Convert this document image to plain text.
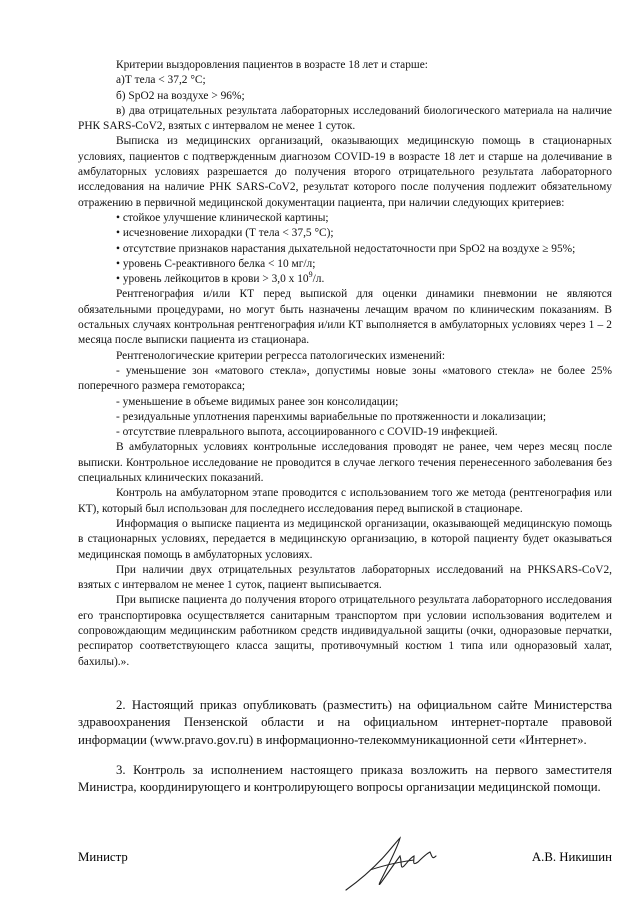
Критерии выздоровления пациентов в возрасте 18 лет и старше:

а)Т тела < 37,2 °С;

б) SpO2 на воздухе > 96%;

в) два отрицательных результата лабораторных исследований биологического материала на наличие РНК SARS-CoV2, взятых с интервалом не менее 1 суток.

Выписка из медицинских организаций, оказывающих медицинскую помощь в стационарных условиях, пациентов с подтвержденным диагнозом COVID-19 в возрасте 18 лет и старше на долечивание в амбулаторных условиях разрешается до получения второго отрицательного результата лабораторного исследования на наличие РНК SARS-CoV2, результат которого после получения подлежит обязательному отражению в первичной медицинской документации пациента, при наличии следующих критериев:

• стойкое улучшение клинической картины;

• исчезновение лихорадки (Т тела < 37,5 °С);

• отсутствие признаков нарастания дыхательной недостаточности при SpO2 на воздухе ≥ 95%;

• уровень С-реактивного белка < 10 мг/л;

• уровень лейкоцитов в крови > 3,0 х $10^9/л$.

Рентгенография и/или КТ перед выпиской для оценки динамики пневмонии не являются обязательными процедурами, но могут быть назначены лечащим врачом по клиническим показаниям. В остальных случаях контрольная рентгенография и/или КТ выполняется в амбулаторных условиях через 1 – 2 месяца после выписки пациента из стационара.

Рентгенологические критерии регресса патологических изменений:

- уменьшение зон «матового стекла», допустимы новые зоны «матового стекла» не более 25% поперечного размера гемоторакса;

- уменьшение в объеме видимых ранее зон консолидации;

- резидуальные уплотнения паренхимы вариабельные по протяженности и локализации;

- отсутствие плеврального выпота, ассоциированного с COVID-19 инфекцией.

В амбулаторных условиях контрольные исследования проводят не ранее, чем через месяц после выписки. Контрольное исследование не проводится в случае легкого течения перенесенного заболевания без специальных клинических показаний.

Контроль на амбулаторном этапе проводится с использованием того же метода (рентгенография или КТ), который был использован для последнего исследования перед выпиской в стационаре.

Информация о выписке пациента из медицинской организации, оказывающей медицинскую помощь в стационарных условиях, передается в медицинскую организацию, в которой пациенту будет оказываться медицинская помощь в амбулаторных условиях.

При наличии двух отрицательных результатов лабораторных исследований на РНКSARS-CoV2, взятых с интервалом не менее 1 суток, пациент выписывается.

При выписке пациента до получения второго отрицательного результата лабораторного исследования его транспортировка осуществляется санитарным транспортом при условии использования водителем и сопровождающим медицинским работником средств индивидуальной защиты (очки, одноразовые перчатки, респиратор соответствующего класса защиты, противочумный костюм 1 типа или одноразовый халат, бахилы).».

2. Настоящий приказ опубликовать (разместить) на официальном сайте Министерства здравоохранения Пензенской области и на официальном интернет-портале правовой информации (www.pravo.gov.ru) в информационно-телекоммуникационной сети «Интернет».

3. Контроль за исполнением настоящего приказа возложить на первого заместителя Министра, координирующего и контролирующего вопросы организации медицинской помощи.

Министр	А.В. Никишин
